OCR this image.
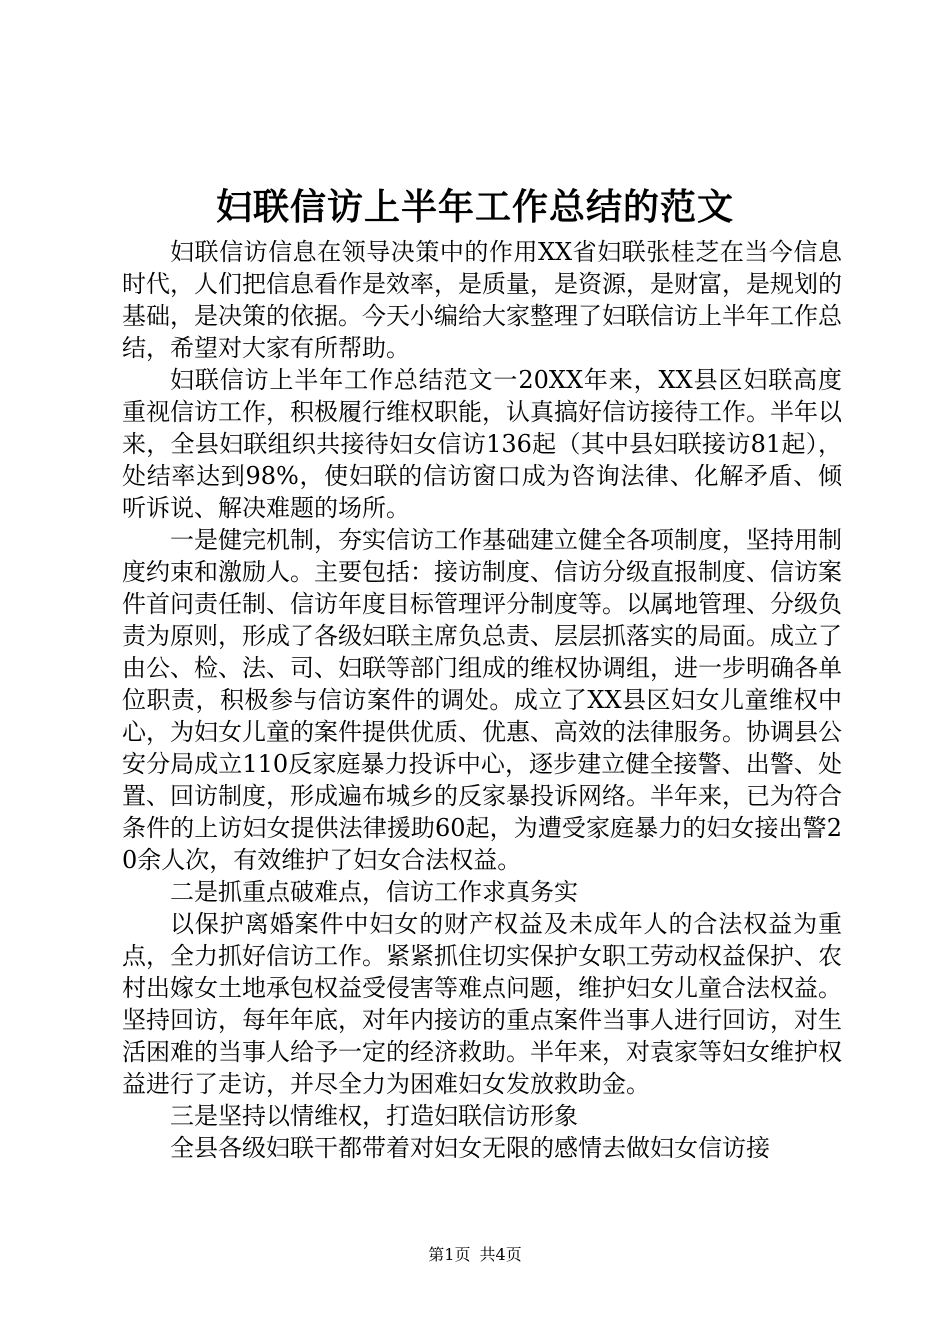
妇联信访上半年工作总结的范文

妇联信访信息在领导决策中的作用XX省妇联张桂芝在当今信息时代，人们把信息看作是效率，是质量，是资源，是财富，是规划的基础，是决策的依据。今天小编给大家整理了妇联信访上半年工作总结，希望对大家有所帮助。

妇联信访上半年工作总结范文一20XX年来，XX县区妇联高度重视信访工作，积极履行维权职能，认真搞好信访接待工作。半年以来，全县妇联组织共接待妇女信访136起（其中县妇联接访81起），处结率达到98%，使妇联的信访窗口成为咨询法律、化解矛盾、倾听诉说、解决难题的场所。

一是健完机制，夯实信访工作基础建立健全各项制度，坚持用制度约束和激励人。主要包括：接访制度、信访分级直报制度、信访案件首问责任制、信访年度目标管理评分制度等。以属地管理、分级负责为原则，形成了各级妇联主席负总责、层层抓落实的局面。成立了由公、检、法、司、妇联等部门组成的维权协调组，进一步明确各单位职责，积极参与信访案件的调处。成立了XX县区妇女儿童维权中心，为妇女儿童的案件提供优质、优惠、高效的法律服务。协调县公安分局成立110反家庭暴力投诉中心，逐步建立健全接警、出警、处置、回访制度，形成遍布城乡的反家暴投诉网络。半年来，已为符合条件的上访妇女提供法律援助60起，为遭受家庭暴力的妇女接出警20余人次，有效维护了妇女合法权益。

二是抓重点破难点，信访工作求真务实

以保护离婚案件中妇女的财产权益及未成年人的合法权益为重点，全力抓好信访工作。紧紧抓住切实保护女职工劳动权益保护、农村出嫁女土地承包权益受侵害等难点问题，维护妇女儿童合法权益。坚持回访，每年年底，对年内接访的重点案件当事人进行回访，对生活困难的当事人给予一定的经济救助。半年来，对袁家等妇女维护权益进行了走访，并尽全力为困难妇女发放救助金。

三是坚持以情维权，打造妇联信访形象

全县各级妇联干都带着对妇女无限的感情去做妇女信访接

第1页 共4页
